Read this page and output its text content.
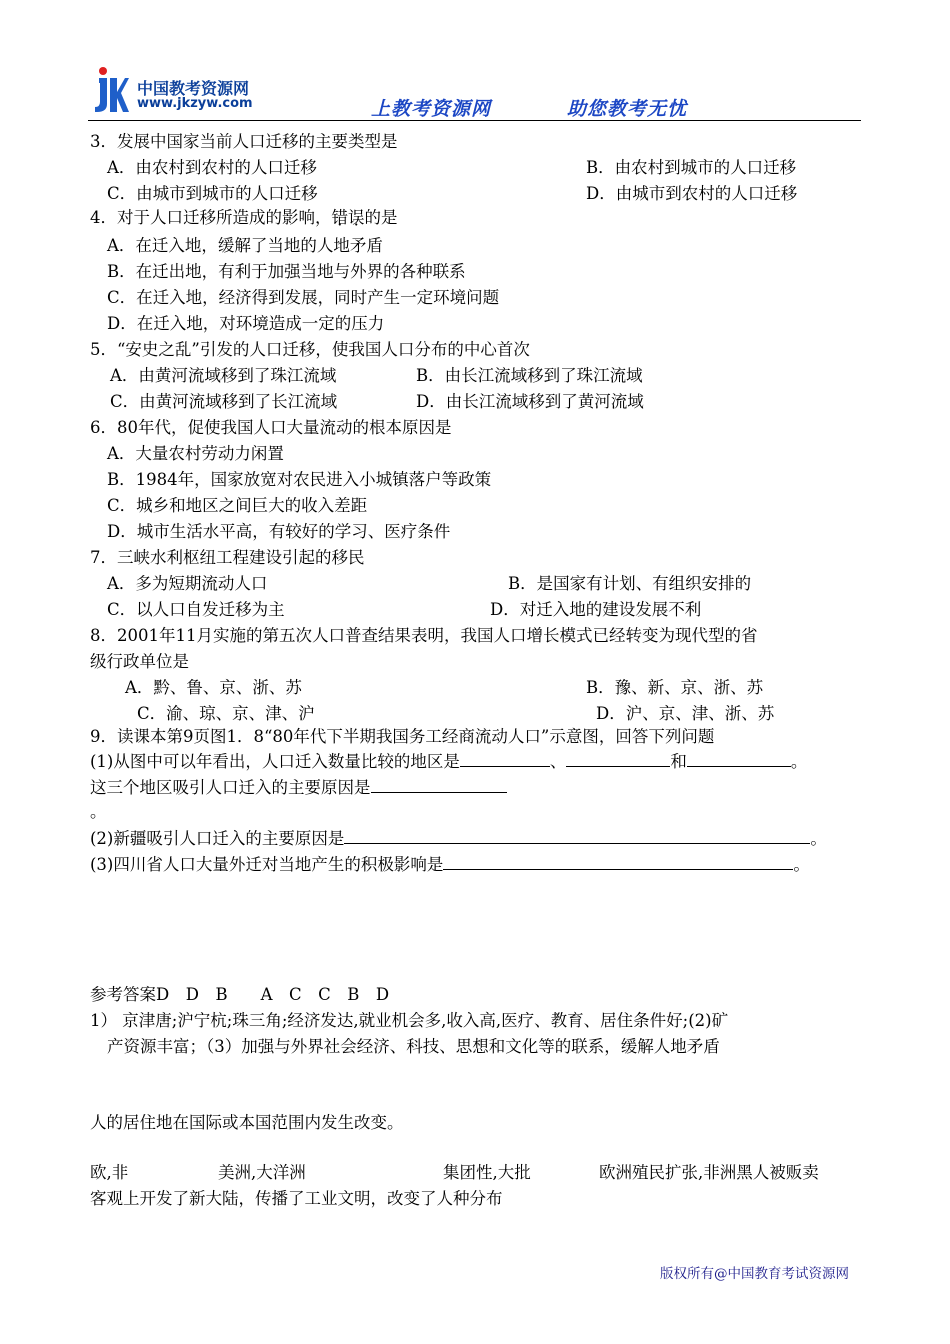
中国教考资源网
www.jkzyw.com	上教考资源网	助您教考无忧
3．发展中国家当前人口迁移的主要类型是
A．由农村到农村的人口迁移	B．由农村到城市的人口迁移
C．由城市到城市的人口迁移	D．由城市到农村的人口迁移
4．对于人口迁移所造成的影响，错误的是
A．在迁入地，缓解了当地的人地矛盾
B．在迁出地，有利于加强当地与外界的各种联系
C．在迁入地，经济得到发展，同时产生一定环境问题
D．在迁入地，对环境造成一定的压力
5．“安史之乱”引发的人口迁移，使我国人口分布的中心首次
A．由黄河流域移到了珠江流域	B．由长江流域移到了珠江流域
C．由黄河流域移到了长江流域	D．由长江流域移到了黄河流域
6．80年代，促使我国人口大量流动的根本原因是
A．大量农村劳动力闲置
B．1984年，国家放宽对农民进入小城镇落户等政策
C．城乡和地区之间巨大的收入差距
D．城市生活水平高，有较好的学习、医疗条件
7．三峡水利枢纽工程建设引起的移民
A．多为短期流动人口	B．是国家有计划、有组织安排的
C．以人口自发迁移为主	D．对迁入地的建设发展不利
8．2001年11月实施的第五次人口普查结果表明，我国人口增长模式已经转变为现代型的省
级行政单位是
A．黔、鲁、京、浙、苏	B．豫、新、京、浙、苏
C．渝、琼、京、津、沪	D．沪、京、津、浙、苏
9．读课本第9页图1．8“80年代下半期我国务工经商流动人口”示意图，回答下列问题
(1)从图中可以年看出，人口迁入数量比较的地区是	、	和	。
这三个地区吸引人口迁入的主要原因是
。
(2)新疆吸引人口迁入的主要原因是	。
(3)四川省人口大量外迁对当地产生的积极影响是	。
参考答案D　D　B　　A　C　C　B　D
1） 京津唐;沪宁杭;珠三角;经济发达,就业机会多,收入高,医疗、教育、居住条件好;(2)矿
产资源丰富；（3）加强与外界社会经济、科技、思想和文化等的联系，缓解人地矛盾
人的居住地在国际或本国范围内发生改变。
欧,非	美洲,大洋洲	集团性,大批	欧洲殖民扩张,非洲黑人被贩卖
客观上开发了新大陆，传播了工业文明，改变了人种分布
版权所有@中国教育考试资源网
